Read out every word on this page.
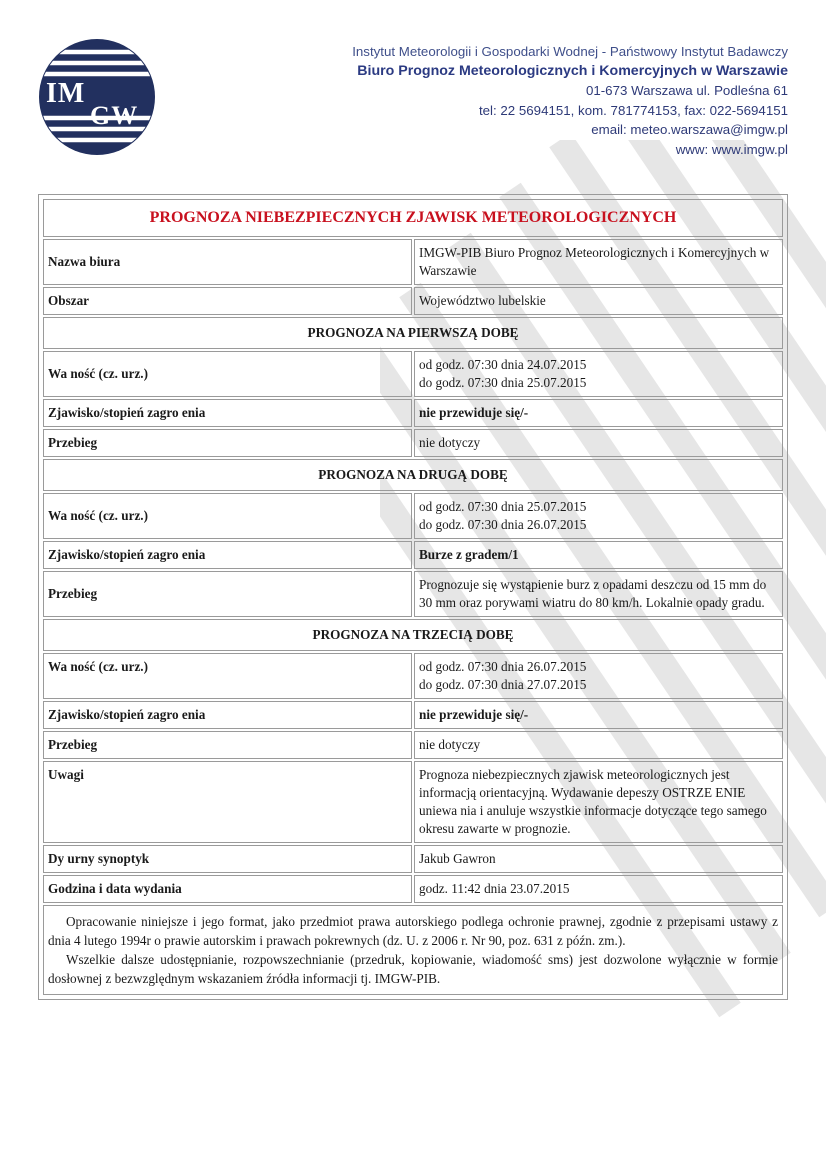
IM
GW
Instytut Meteorologii i Gospodarki Wodnej - Państwowy Instytut Badawczy
Biuro Prognoz Meteorologicznych i Komercyjnych w Warszawie
01-673 Warszawa ul. Podleśna 61
tel: 22 5694151, kom. 781774153, fax: 022-5694151
email: meteo.warszawa@imgw.pl
www: www.imgw.pl
PROGNOZA NIEBEZPIECZNYCH ZJAWISK METEOROLOGICZNYCH	
Nazwa biura	IMGW-PIB Biuro Prognoz Meteorologicznych i Komercyjnych w Warszawie
Obszar	Województwo lubelskie
PROGNOZA NA PIERWSZĄ DOBĘ	
Wa ność (cz. urz.)	od godz. 07:30 dnia 24.07.2015
do godz. 07:30 dnia 25.07.2015

Zjawisko/stopień zagro enia	nie przewiduje się/-
Przebieg	nie dotyczy
PROGNOZA NA DRUGĄ DOBĘ	
Wa ność (cz. urz.)	od godz. 07:30 dnia 25.07.2015
do godz. 07:30 dnia 26.07.2015

Zjawisko/stopień zagro enia	Burze z gradem/1
Przebieg	Prognozuje się wystąpienie burz z opadami deszczu od 15 mm do 30 mm oraz porywami wiatru do 80 km/h. Lokalnie opady gradu.
PROGNOZA NA TRZECIĄ DOBĘ	
Wa ność (cz. urz.)	od godz. 07:30 dnia 26.07.2015
do godz. 07:30 dnia 27.07.2015

Zjawisko/stopień zagro enia	nie przewiduje się/-
Przebieg	nie dotyczy
Uwagi	Prognoza niebezpiecznych zjawisk meteorologicznych jest informacją orientacyjną. Wydawanie depeszy OSTRZE ENIE uniewa nia i anuluje wszystkie informacje dotyczące tego samego okresu zawarte w prognozie.
Dy urny synoptyk	Jakub Gawron
Godzina i data wydania	godz. 11:42 dnia 23.07.2015

Opracowanie niniejsze i jego format, jako przedmiot prawa autorskiego podlega ochronie prawnej, zgodnie z przepisami ustawy z dnia 4 lutego 1994r o prawie autorskim i prawach pokrewnych (dz. U. z 2006 r. Nr 90, poz. 631 z późn. zm.).

Wszelkie dalsze udostępnianie, rozpowszechnianie (przedruk, kopiowanie, wiadomość sms) jest dozwolone wyłącznie w formie dosłownej z bezwzględnym wskazaniem źródła informacji tj. IMGW-PIB.
